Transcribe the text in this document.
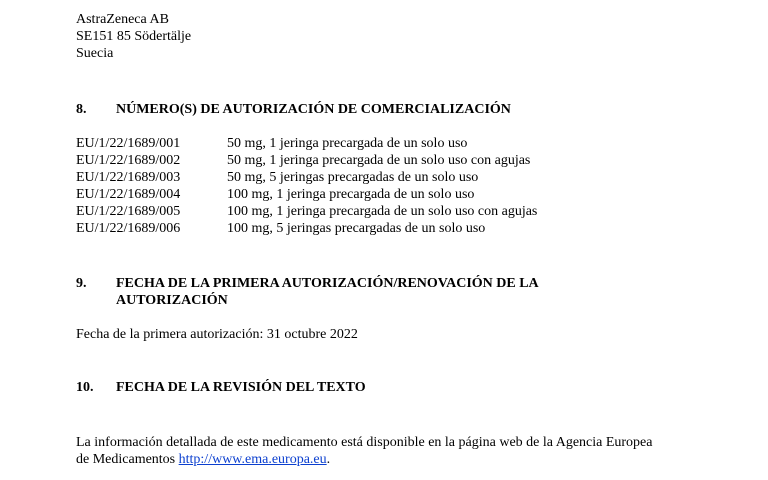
AstraZeneca AB
SE151 85 Södertälje
Suecia
8. NÚMERO(S) DE AUTORIZACIÓN DE COMERCIALIZACIÓN
EU/1/22/1689/001	50 mg, 1 jeringa precargada de un solo uso
EU/1/22/1689/002	50 mg, 1 jeringa precargada de un solo uso con agujas
EU/1/22/1689/003	50 mg, 5 jeringas precargadas de un solo uso
EU/1/22/1689/004	100 mg, 1 jeringa precargada de un solo uso
EU/1/22/1689/005	100 mg, 1 jeringa precargada de un solo uso con agujas
EU/1/22/1689/006	100 mg, 5 jeringas precargadas de un solo uso
9. FECHA DE LA PRIMERA AUTORIZACIÓN/RENOVACIÓN DE LA
AUTORIZACIÓN
Fecha de la primera autorización: 31 octubre 2022
10. FECHA DE LA REVISIÓN DEL TEXTO
La información detallada de este medicamento está disponible en la página web de la Agencia Europea
de Medicamentos http://www.ema.europa.eu.
